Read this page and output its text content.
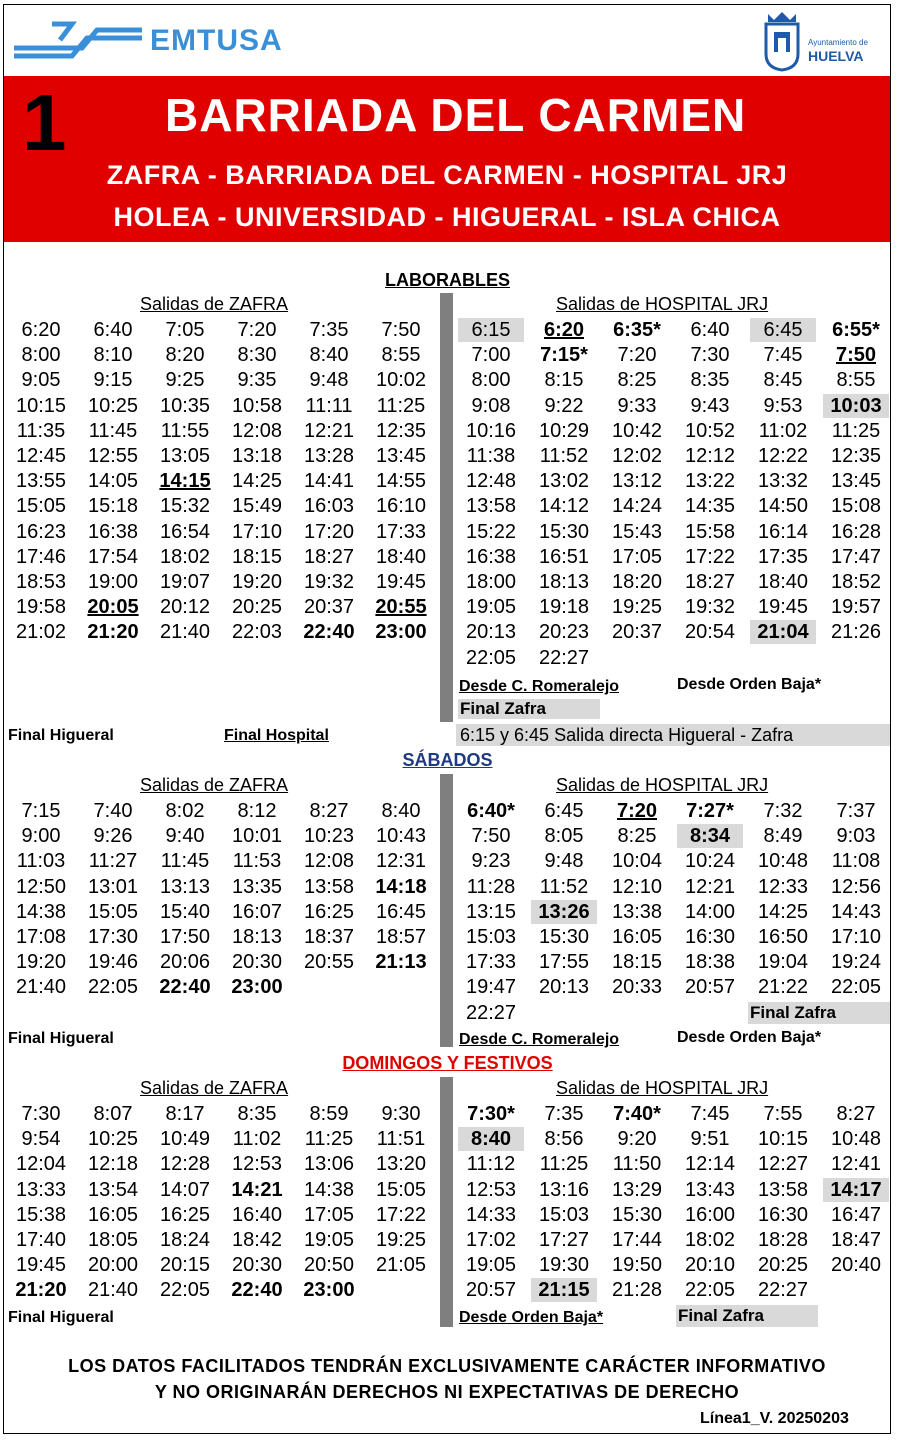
EMTUSA	Ayuntamiento de
HUELVA
1 BARRIADA DEL CARMEN
ZAFRA - BARRIADA DEL CARMEN - HOSPITAL JRJ
HOLEA - UNIVERSIDAD - HIGUERAL - ISLA CHICA
LABORABLES
Salidas de ZAFRA	Salidas de HOSPITAL JRJ
6:20	6:40	7:05	7:20	7:35	7:50
8:00	8:10	8:20	8:30	8:40	8:55
9:05	9:15	9:25	9:35	9:48	10:02
10:15	10:25	10:35	10:58	11:11	11:25
11:35	11:45	11:55	12:08	12:21	12:35
12:45	12:55	13:05	13:18	13:28	13:45
13:55	14:05	14:15	14:25	14:41	14:55
15:05	15:18	15:32	15:49	16:03	16:10
16:23	16:38	16:54	17:10	17:20	17:33
17:46	17:54	18:02	18:15	18:27	18:40
18:53	19:00	19:07	19:20	19:32	19:45
19:58	20:05	20:12	20:25	20:37	20:55
21:02	21:20	21:40	22:03	22:40	23:00
6:15	6:20	6:35*	6:40	6:45	6:55*
7:00	7:15*	7:20	7:30	7:45	7:50
8:00	8:15	8:25	8:35	8:45	8:55
9:08	9:22	9:33	9:43	9:53	10:03
10:16	10:29	10:42	10:52	11:02	11:25
11:38	11:52	12:02	12:12	12:22	12:35
12:48	13:02	13:12	13:22	13:32	13:45
13:58	14:12	14:24	14:35	14:50	15:08
15:22	15:30	15:43	15:58	16:14	16:28
16:38	16:51	17:05	17:22	17:35	17:47
18:00	18:13	18:20	18:27	18:40	18:52
19:05	19:18	19:25	19:32	19:45	19:57
20:13	20:23	20:37	20:54	21:04	21:26
22:05	22:27
Desde C. Romeralejo	Desde Orden Baja*
Final Zafra
Final Higueral	Final Hospital	6:15 y 6:45 Salida directa Higueral - Zafra
SÁBADOS
Salidas de ZAFRA	Salidas de HOSPITAL JRJ
7:15	7:40	8:02	8:12	8:27	8:40
9:00	9:26	9:40	10:01	10:23	10:43
11:03	11:27	11:45	11:53	12:08	12:31
12:50	13:01	13:13	13:35	13:58	14:18
14:38	15:05	15:40	16:07	16:25	16:45
17:08	17:30	17:50	18:13	18:37	18:57
19:20	19:46	20:06	20:30	20:55	21:13
21:40	22:05	22:40	23:00
6:40*	6:45	7:20	7:27*	7:32	7:37
7:50	8:05	8:25	8:34	8:49	9:03
9:23	9:48	10:04	10:24	10:48	11:08
11:28	11:52	12:10	12:21	12:33	12:56
13:15	13:26	13:38	14:00	14:25	14:43
15:03	15:30	16:05	16:30	16:50	17:10
17:33	17:55	18:15	18:38	19:04	19:24
19:47	20:13	20:33	20:57	21:22	22:05
22:27	Final Zafra
Final Higueral	Desde C. Romeralejo	Desde Orden Baja*
DOMINGOS Y FESTIVOS
Salidas de ZAFRA	Salidas de HOSPITAL JRJ
7:30	8:07	8:17	8:35	8:59	9:30
9:54	10:25	10:49	11:02	11:25	11:51
12:04	12:18	12:28	12:53	13:06	13:20
13:33	13:54	14:07	14:21	14:38	15:05
15:38	16:05	16:25	16:40	17:05	17:22
17:40	18:05	18:24	18:42	19:05	19:25
19:45	20:00	20:15	20:30	20:50	21:05
21:20	21:40	22:05	22:40	23:00
7:30*	7:35	7:40*	7:45	7:55	8:27
8:40	8:56	9:20	9:51	10:15	10:48
11:12	11:25	11:50	12:14	12:27	12:41
12:53	13:16	13:29	13:43	13:58	14:17
14:33	15:03	15:30	16:00	16:30	16:47
17:02	17:27	17:44	18:02	18:28	18:47
19:05	19:30	19:50	20:10	20:25	20:40
20:57	21:15	21:28	22:05	22:27
Final Higueral	Desde Orden Baja*	Final Zafra
LOS DATOS FACILITADOS TENDRÁN EXCLUSIVAMENTE CARÁCTER INFORMATIVO
Y NO ORIGINARÁN DERECHOS NI EXPECTATIVAS DE DERECHO
Línea1_V. 20250203
